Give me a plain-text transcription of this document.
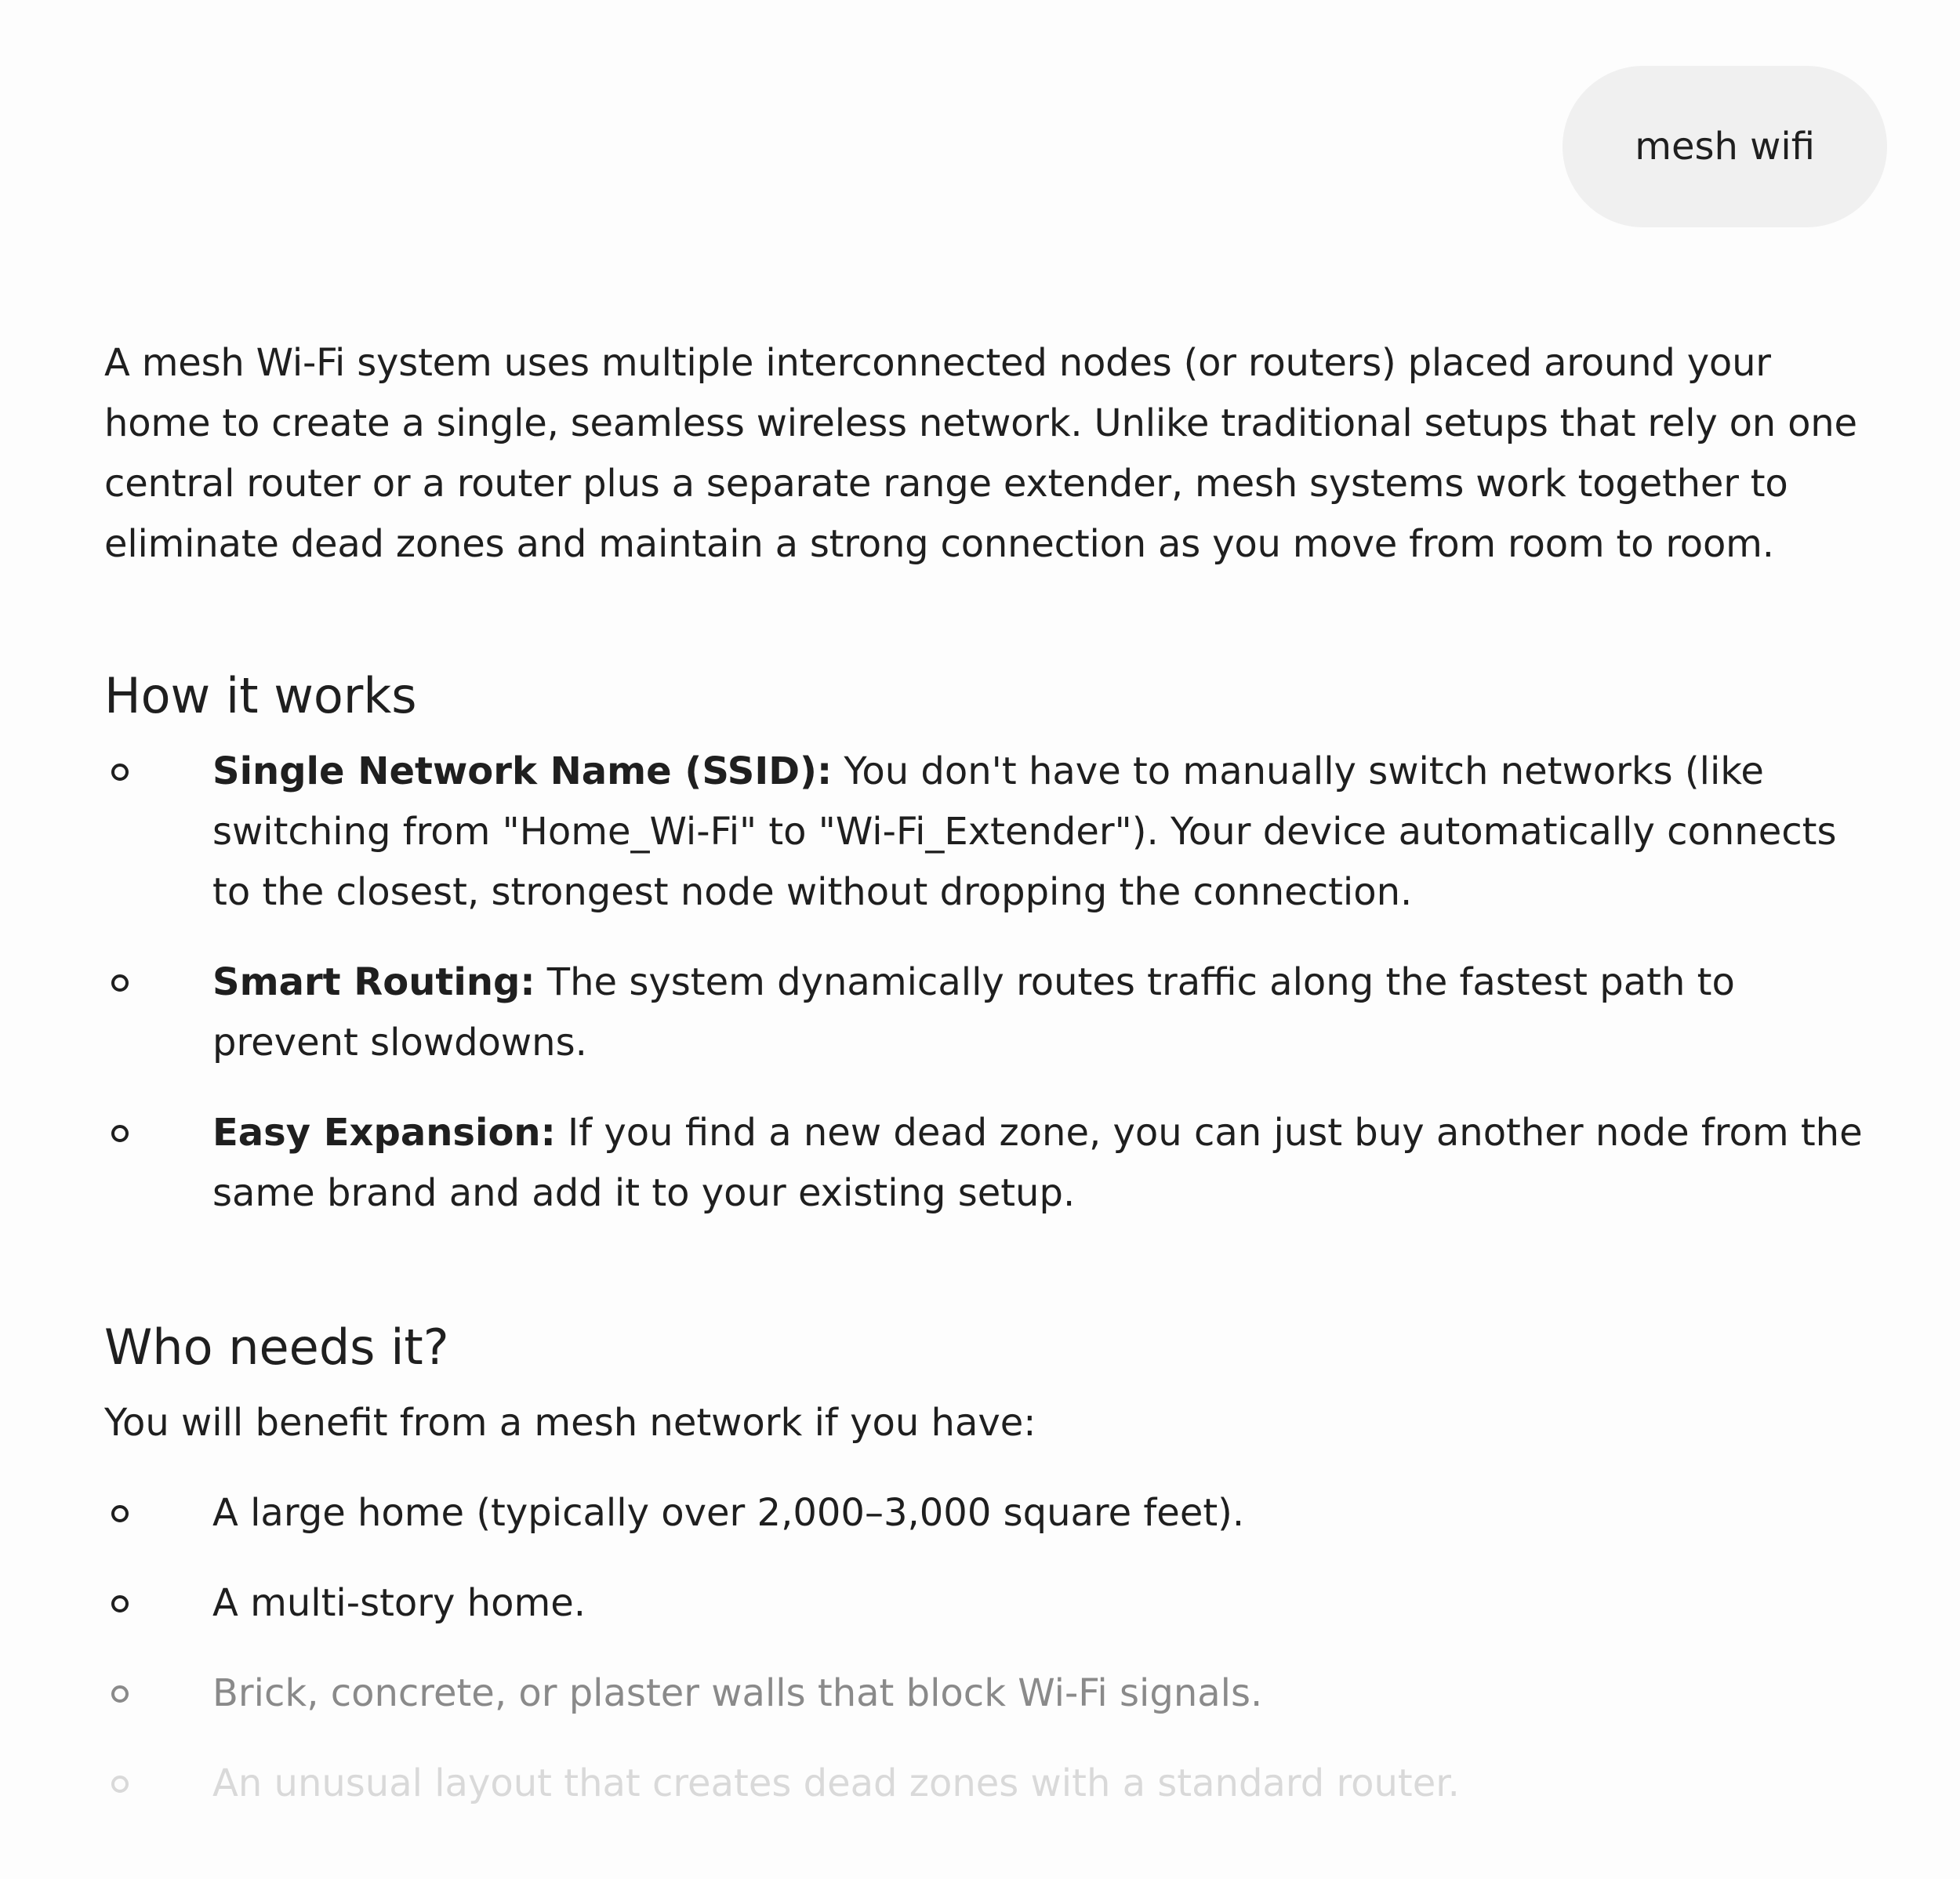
mesh wifi

A mesh Wi-Fi system uses multiple interconnected nodes (or routers) placed around your home to create a single, seamless wireless network. Unlike traditional setups that rely on one central router or a router plus a separate range extender, mesh systems work together to eliminate dead zones and maintain a strong connection as you move from room to room.

How it works
Single Network Name (SSID): You don't have to manually switch networks (like switching from "Home_Wi-Fi" to "Wi-Fi_Extender"). Your device automatically connects to the closest, strongest node without dropping the connection.
Smart Routing: The system dynamically routes traffic along the fastest path to prevent slowdowns.
Easy Expansion: If you find a new dead zone, you can just buy another node from the same brand and add it to your existing setup.
Who needs it?

You will benefit from a mesh network if you have:

A large home (typically over 2,000–3,000 square feet).
A multi-story home.
Brick, concrete, or plaster walls that block Wi-Fi signals.
An unusual layout that creates dead zones with a standard router.
